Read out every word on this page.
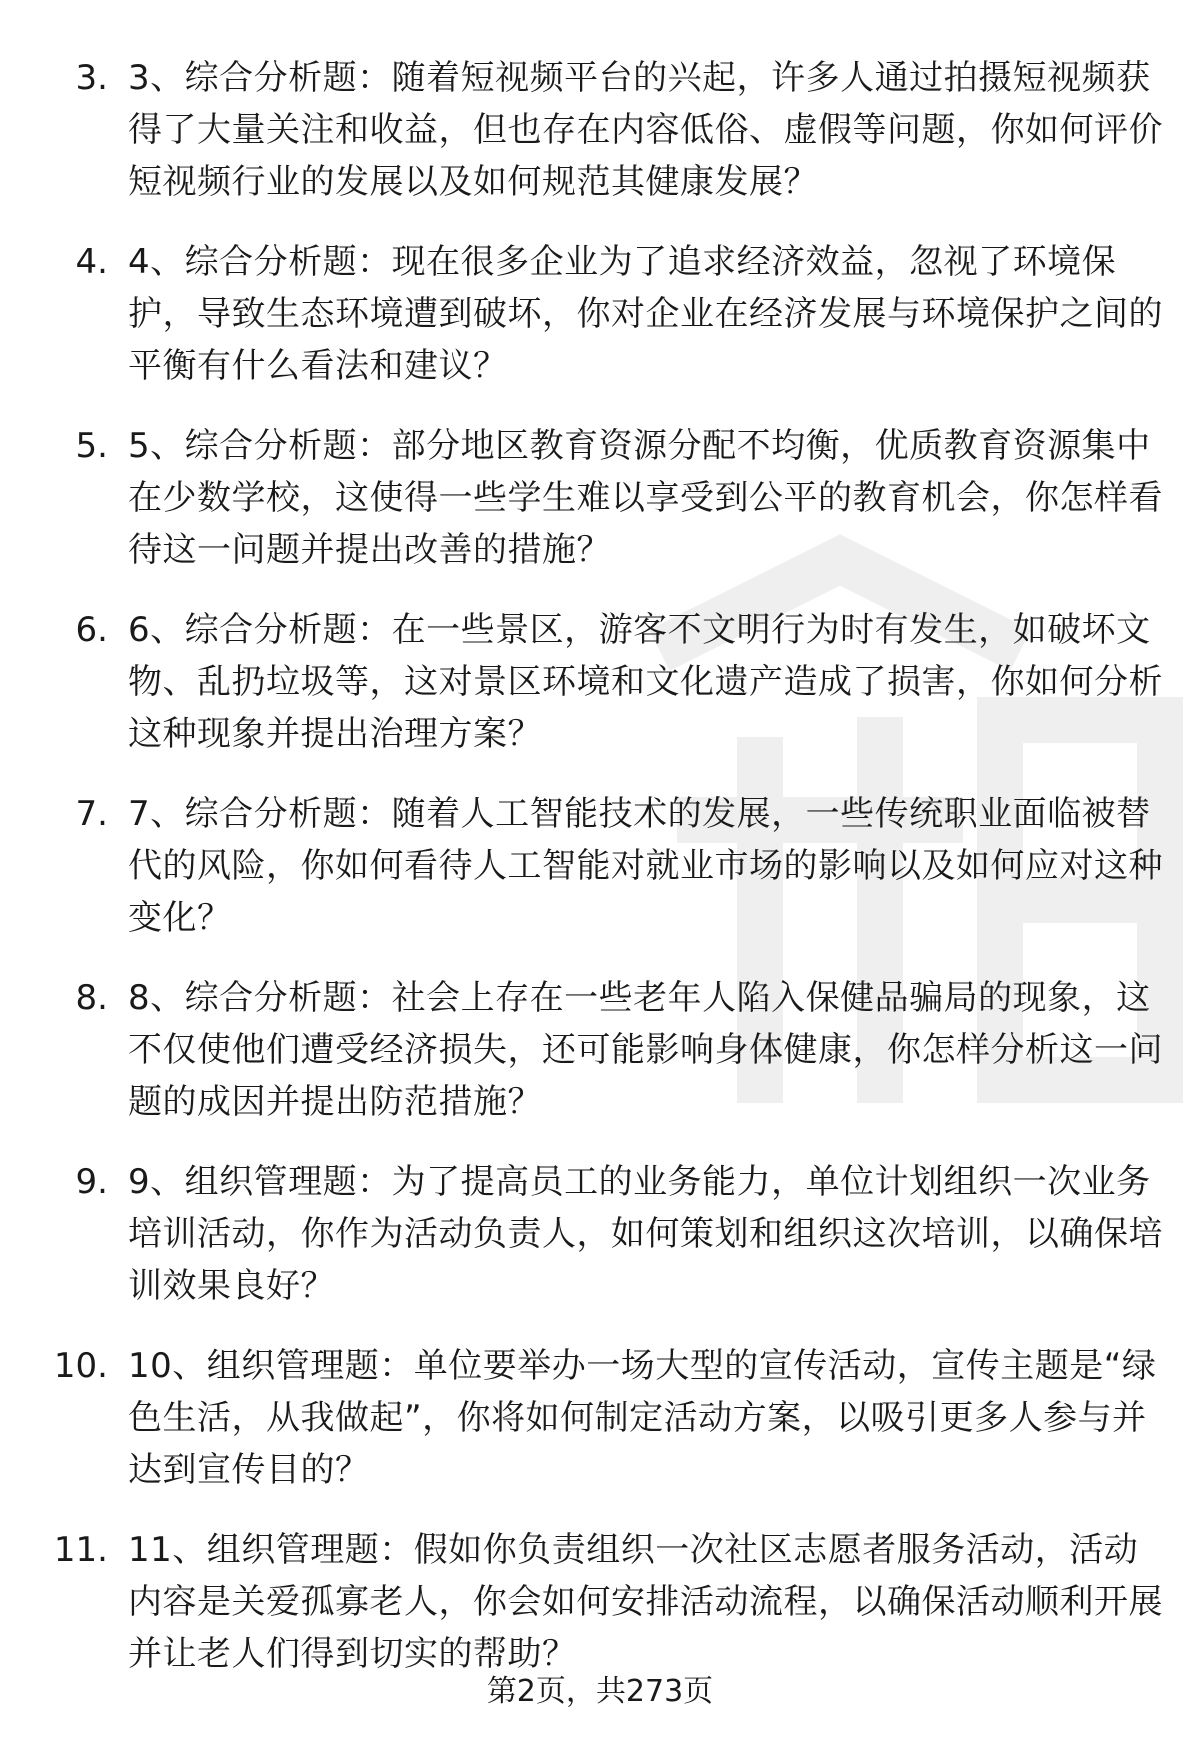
3. 3、综合分析题：随着短视频平台的兴起，许多人通过拍摄短视频获得了大量关注和收益，但也存在内容低俗、虚假等问题，你如何评价短视频行业的发展以及如何规范其健康发展？
4. 4、综合分析题：现在很多企业为了追求经济效益，忽视了环境保护，导致生态环境遭到破坏，你对企业在经济发展与环境保护之间的平衡有什么看法和建议？
5. 5、综合分析题：部分地区教育资源分配不均衡，优质教育资源集中在少数学校，这使得一些学生难以享受到公平的教育机会，你怎样看待这一问题并提出改善的措施？
6. 6、综合分析题：在一些景区，游客不文明行为时有发生，如破坏文物、乱扔垃圾等，这对景区环境和文化遗产造成了损害，你如何分析这种现象并提出治理方案？
7. 7、综合分析题：随着人工智能技术的发展，一些传统职业面临被替代的风险，你如何看待人工智能对就业市场的影响以及如何应对这种变化？
8. 8、综合分析题：社会上存在一些老年人陷入保健品骗局的现象，这不仅使他们遭受经济损失，还可能影响身体健康，你怎样分析这一问题的成因并提出防范措施？
9. 9、组织管理题：为了提高员工的业务能力，单位计划组织一次业务培训活动，你作为活动负责人，如何策划和组织这次培训，以确保培训效果良好？
10. 10、组织管理题：单位要举办一场大型的宣传活动，宣传主题是“绿色生活，从我做起”，你将如何制定活动方案，以吸引更多人参与并达到宣传目的？
11. 11、组织管理题：假如你负责组织一次社区志愿者服务活动，活动内容是关爱孤寡老人，你会如何安排活动流程，以确保活动顺利开展并让老人们得到切实的帮助？
第2页，共273页
